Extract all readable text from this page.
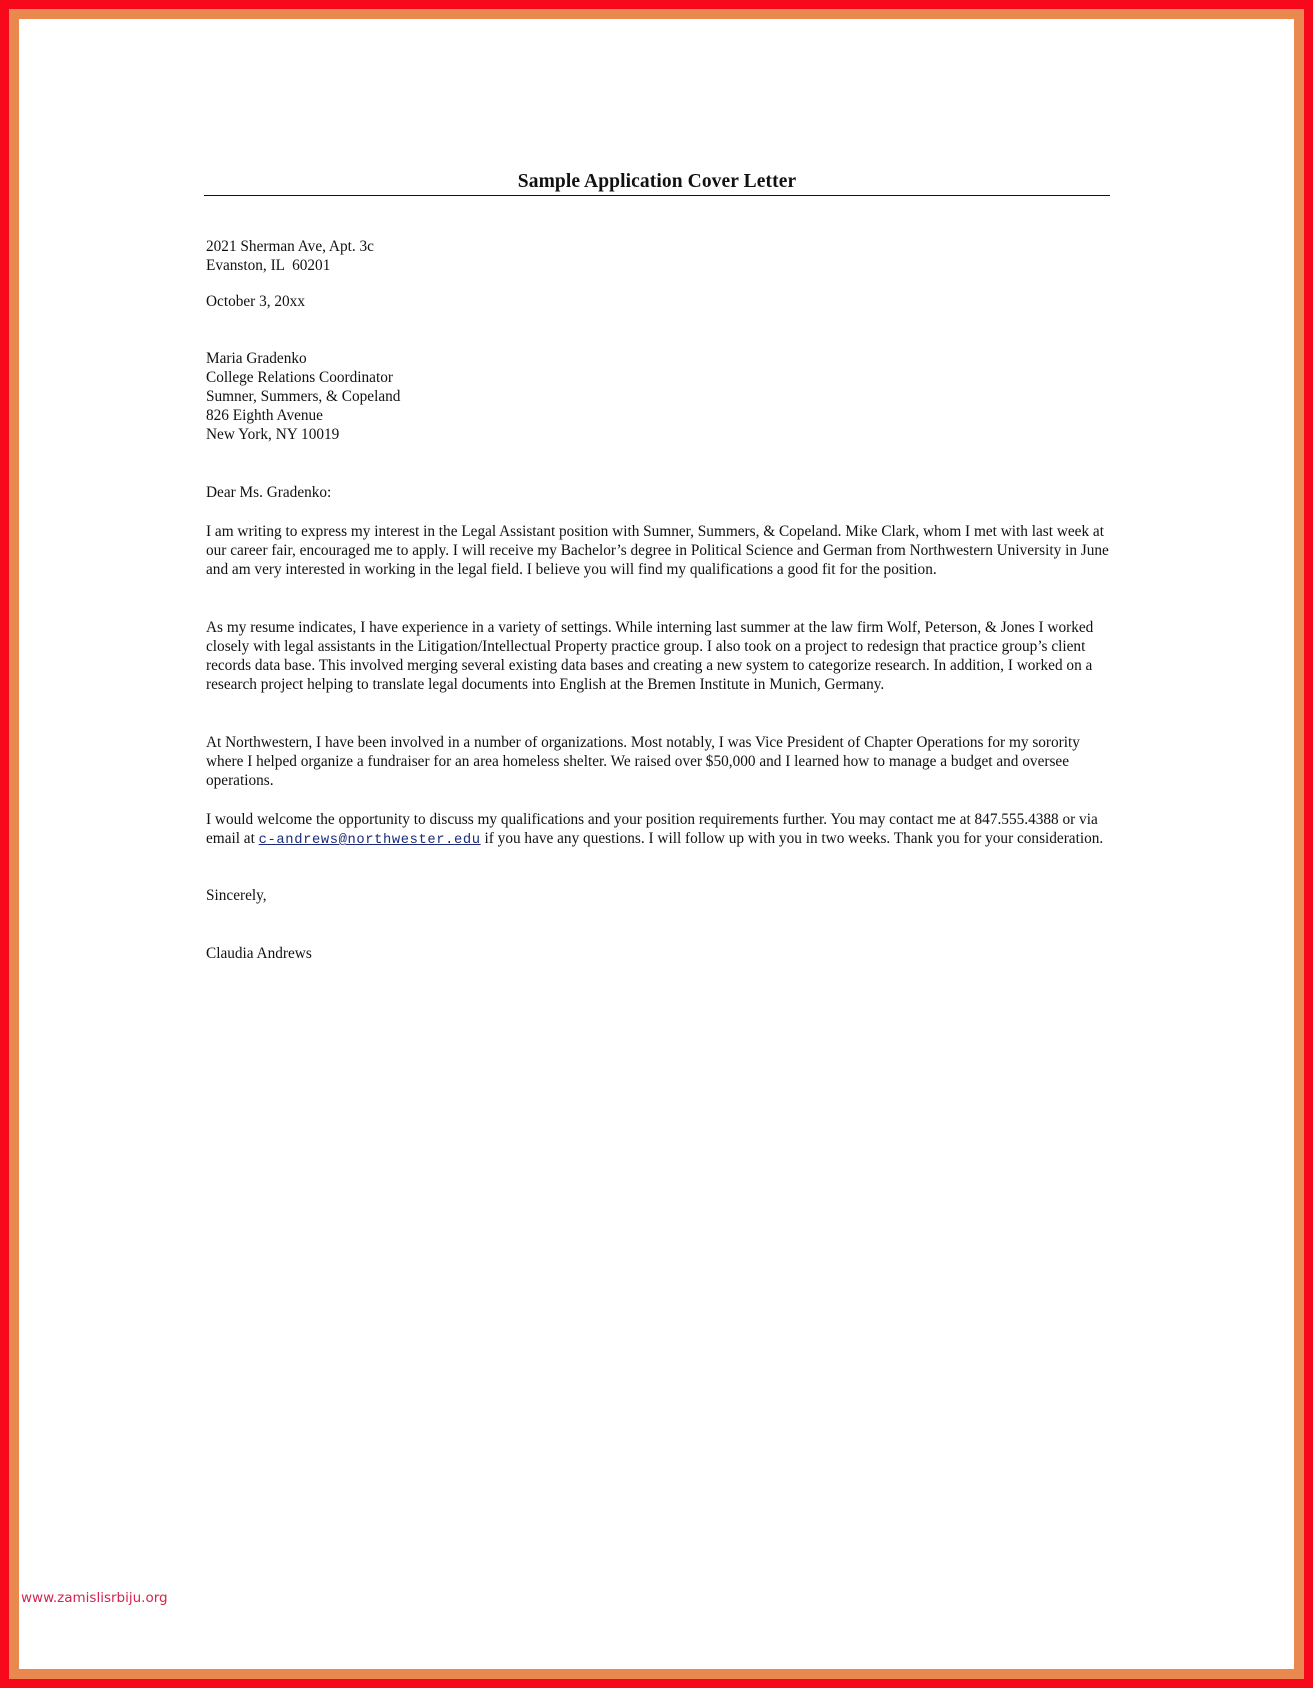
Sample Application Cover Letter
2021 Sherman Ave, Apt. 3c
Evanston, IL  60201
October 3, 20xx
Maria Gradenko
College Relations Coordinator
Sumner, Summers, & Copeland
826 Eighth Avenue
New York, NY 10019
Dear Ms. Gradenko:
I am writing to express my interest in the Legal Assistant position with Sumner, Summers, & Copeland. Mike Clark, whom I met with last week at our career fair, encouraged me to apply. I will receive my Bachelor’s degree in Political Science and German from Northwestern University in June and am very interested in working in the legal field. I believe you will find my qualifications a good fit for the position.
As my resume indicates, I have experience in a variety of settings. While interning last summer at the law firm Wolf, Peterson, & Jones I worked closely with legal assistants in the Litigation/Intellectual Property practice group. I also took on a project to redesign that practice group’s client records data base. This involved merging several existing data bases and creating a new system to categorize research. In addition, I worked on a research project helping to translate legal documents into English at the Bremen Institute in Munich, Germany.
At Northwestern, I have been involved in a number of organizations. Most notably, I was Vice President of Chapter Operations for my sorority where I helped organize a fundraiser for an area homeless shelter. We raised over $50,000 and I learned how to manage a budget and oversee operations.
I would welcome the opportunity to discuss my qualifications and your position requirements further. You may contact me at 847.555.4388 or via email at c-andrews@northwester.edu if you have any questions. I will follow up with you in two weeks. Thank you for your consideration.
Sincerely,
Claudia Andrews
www.zamislisrbiju.org
